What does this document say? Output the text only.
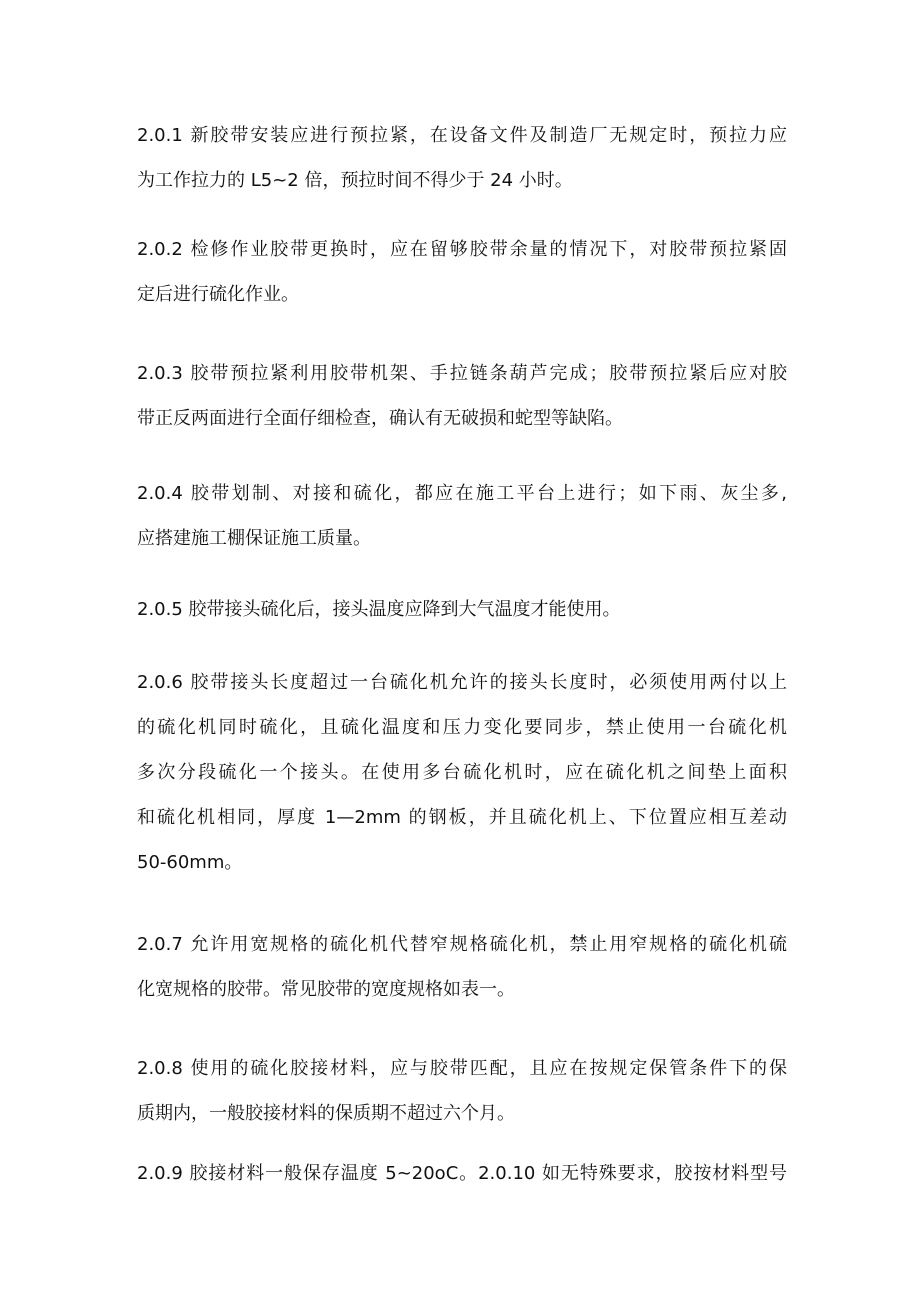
2.0.1 新胶带安装应进行预拉紧，在设备文件及制造厂无规定时，预拉力应
为工作拉力的 L5~2 倍，预拉时间不得少于 24 小时。

2.0.2 检修作业胶带更换时，应在留够胶带余量的情况下，对胶带预拉紧固
定后进行硫化作业。

2.0.3 胶带预拉紧利用胶带机架、手拉链条葫芦完成；胶带预拉紧后应对胶
带正反两面进行全面仔细检查，确认有无破损和蛇型等缺陷。

2.0.4 胶带划制、对接和硫化，都应在施工平台上进行；如下雨、灰尘多,
应搭建施工棚保证施工质量。

2.0.5 胶带接头硫化后，接头温度应降到大气温度才能使用。

2.0.6 胶带接头长度超过一台硫化机允许的接头长度时，必须使用两付以上
的硫化机同时硫化，且硫化温度和压力变化要同步，禁止使用一台硫化机
多次分段硫化一个接头。在使用多台硫化机时，应在硫化机之间垫上面积
和硫化机相同，厚度 1—2mm 的钢板，并且硫化机上、下位置应相互差动
50-60mm。

2.0.7 允许用宽规格的硫化机代替窄规格硫化机，禁止用窄规格的硫化机硫
化宽规格的胶带。常见胶带的宽度规格如表一。

2.0.8 使用的硫化胶接材料，应与胶带匹配，且应在按规定保管条件下的保
质期内，一般胶接材料的保质期不超过六个月。

2.0.9 胶接材料一般保存温度 5~20oC。2.0.10 如无特殊要求，胶按材料型号
